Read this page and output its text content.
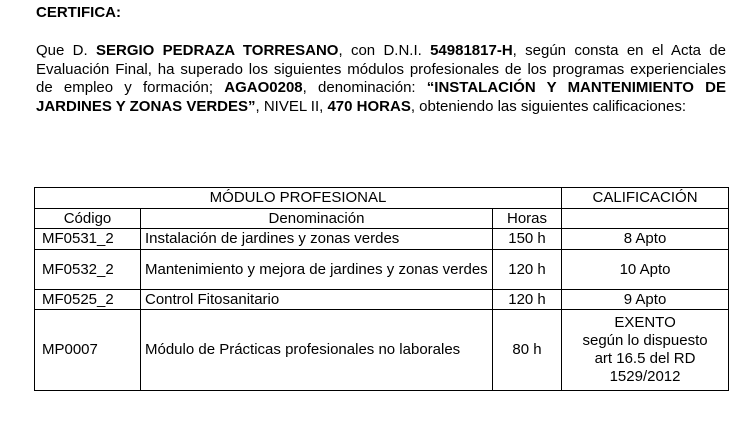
CERTIFICA:
Que D. SERGIO PEDRAZA TORRESANO, con D.N.I. 54981817-H, según consta en el Acta de Evaluación Final, ha superado los siguientes módulos profesionales de los programas experienciales de empleo y formación; AGAO0208, denominación: “INSTALACIÓN Y MANTENIMIENTO DE JARDINES Y ZONAS VERDES”, NIVEL II, 470 HORAS, obteniendo las siguientes calificaciones:
MÓDULO PROFESIONAL			CALIFICACIÓN
Código	Denominación	Horas	
MF0531_2	Instalación de jardines y zonas verdes	150 h	8 Apto
MF0532_2	Mantenimiento y mejora de jardines y zonas verdes	120 h	10 Apto
MF0525_2	Control Fitosanitario	120 h	9 Apto
MP0007	Módulo de Prácticas profesionales no laborales	80 h	EXENTO
según lo dispuesto
art 16.5 del RD
1529/2012
